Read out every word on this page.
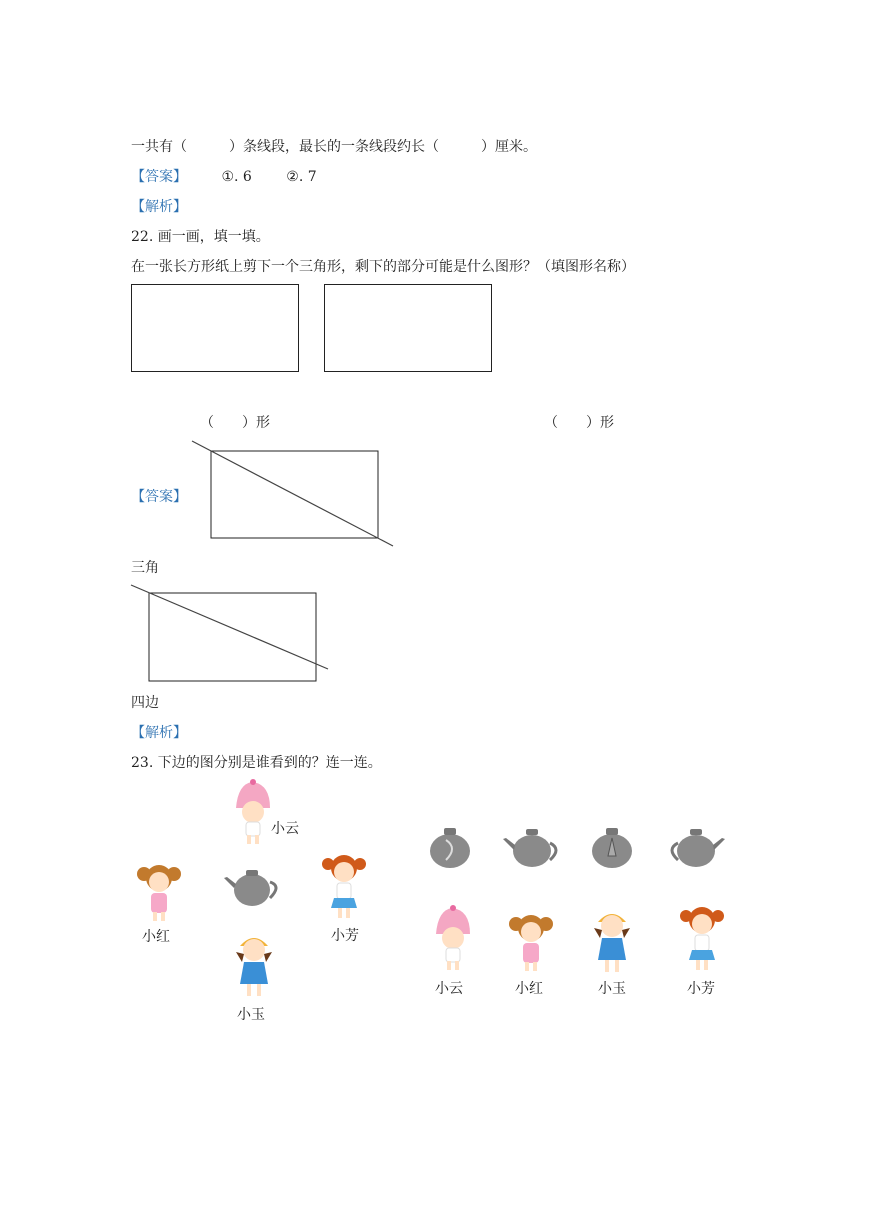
一共有（　　　）条线段，最长的一条线段约长（　　　）厘米。
【答案】 ①. 6 ②. 7
【解析】
22. 画一画，填一填。
在一张长方形纸上剪下一个三角形，剩下的部分可能是什么图形？（填图形名称）
（　　）形	（　　）形
【答案】
三角
四边
【解析】
23. 下边的图分别是谁看到的？连一连。
小云
小红	小芳
小玉
小云	小红	小玉	小芳
